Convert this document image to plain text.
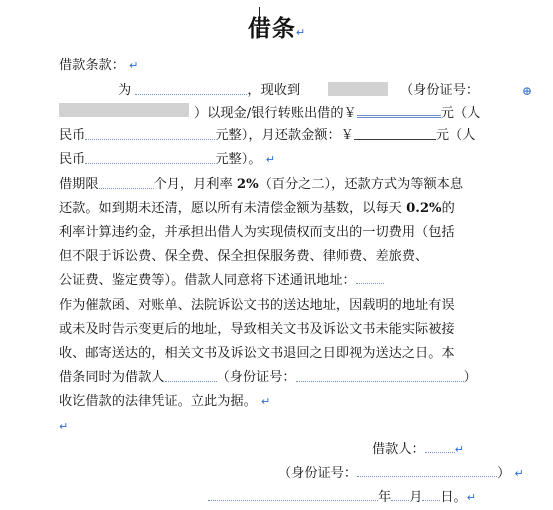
借条↵
借款条款： ↵
为	，现收到	（身份证号：	⊕
）以现金/银行转账出借的￥	元（人
民币	元整），月还款金额：￥	元（人
民币	元整）。 ↵
借期限	个月，月利率 2%（百分之二），还款方式为等额本息
还款。如到期未还清，愿以所有未清偿金额为基数，以每天 0.2%的
利率计算违约金，并承担出借人为实现债权而支出的一切费用（包括
但不限于诉讼费、保全费、保全担保服务费、律师费、差旅费、
公证费、鉴定费等）。借款人同意将下述通讯地址：
作为催款函、对账单、法院诉讼文书的送达地址，因载明的地址有误
或未及时告示变更后的地址，导致相关文书及诉讼文书未能实际被接
收、邮寄送达的，相关文书及诉讼文书退回之日即视为送达之日。本
借条同时为借款人	（身份证号：	）
收讫借款的法律凭证。立此为据。 ↵
↵
借款人：	↵
（身份证号：	） ↵
年 月 日。↵
